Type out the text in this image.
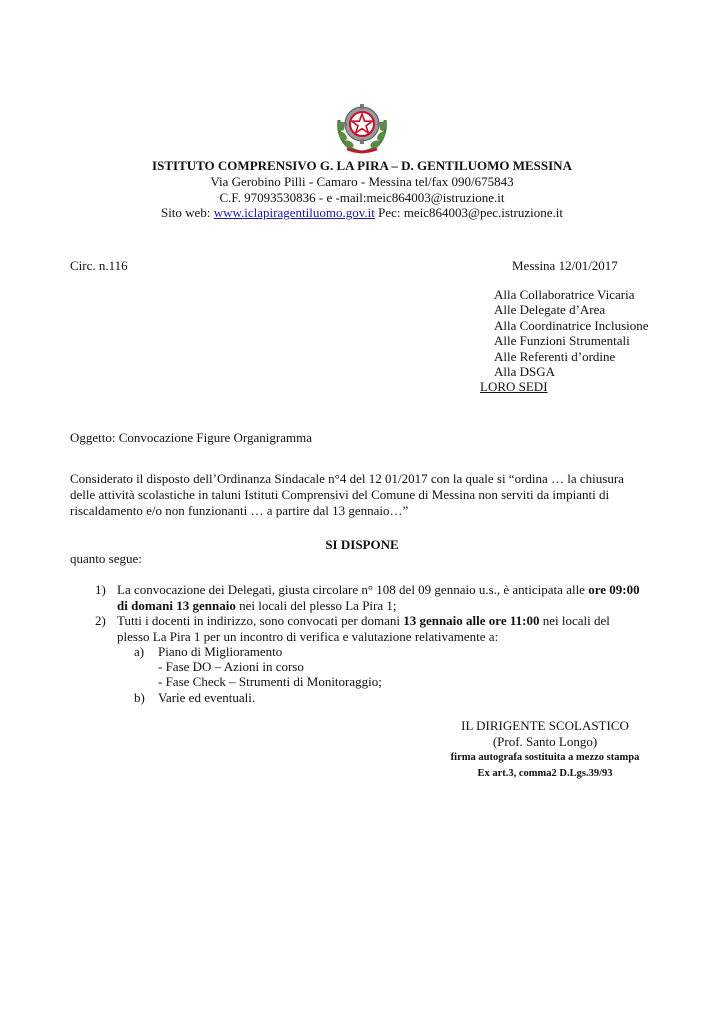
ISTITUTO COMPRENSIVO G. LA PIRA – D. GENTILUOMO MESSINA
Via Gerobino Pilli - Camaro - Messina tel/fax 090/675843
C.F. 97093530836 - e -mail:meic864003@istruzione.it
Sito web: www.iclapiragentiluomo.gov.it Pec: meic864003@pec.istruzione.it
Circ. n.116	Messina 12/01/2017
Alla Collaboratrice Vicaria
Alle Delegate d’Area
Alla Coordinatrice Inclusione
Alle Funzioni Strumentali
Alle Referenti d’ordine
Alla DSGA
LORO SEDI
Oggetto: Convocazione Figure Organigramma
Considerato il disposto dell’Ordinanza Sindacale n°4 del 12 01/2017 con la quale si “ordina … la chiusura
delle attività scolastiche in taluni Istituti Comprensivi del Comune di Messina non serviti da impianti di
riscaldamento e/o non funzionanti … a partire dal 13 gennaio…”
SI DISPONE
quanto segue:
1) La convocazione dei Delegati, giusta circolare n° 108 del 09 gennaio u.s., è anticipata alle ore 09:00
di domani 13 gennaio nei locali del plesso La Pira 1;
2) Tutti i docenti in indirizzo, sono convocati per domani 13 gennaio alle ore 11:00 nei locali del
plesso La Pira 1 per un incontro di verifica e valutazione relativamente a:
a) Piano di Miglioramento
- Fase DO – Azioni in corso
- Fase Check – Strumenti di Monitoraggio;
b) Varie ed eventuali.
IL DIRIGENTE SCOLASTICO
(Prof. Santo Longo)
firma autografa sostituita a mezzo stampa
Ex art.3, comma2 D.Lgs.39/93
